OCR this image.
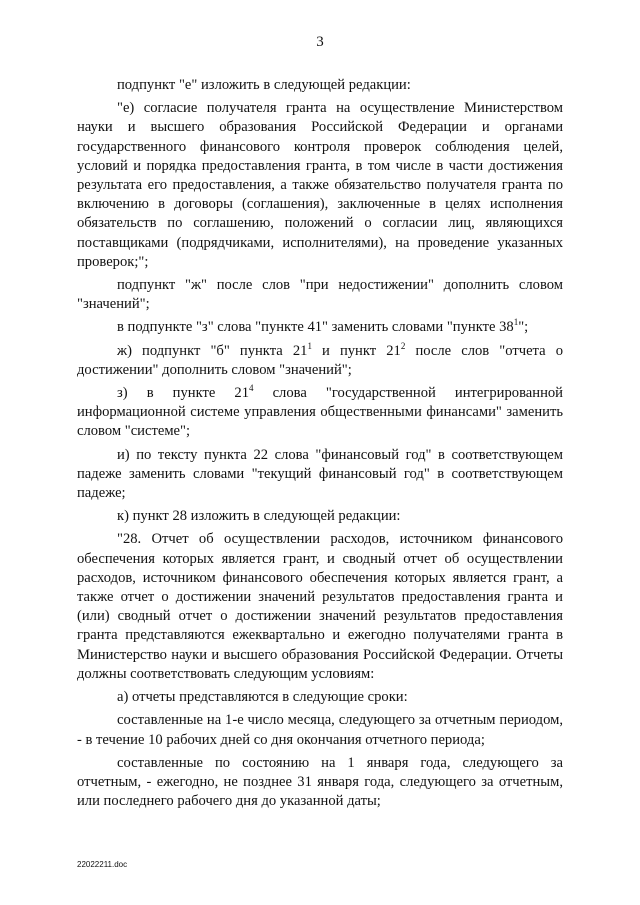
3

подпункт "е" изложить в следующей редакции:

"е) согласие получателя гранта на осуществление Министерством науки и высшего образования Российской Федерации и органами государственного финансового контроля проверок соблюдения целей, условий и порядка предоставления гранта, в том числе в части достижения результата его предоставления, а также обязательство получателя гранта по включению в договоры (соглашения), заключенные в целях исполнения обязательств по соглашению, положений о согласии лиц, являющихся поставщиками (подрядчиками, исполнителями), на проведение указанных проверок;";

подпункт "ж" после слов "при недостижении" дополнить словом "значений";

в подпункте "з" слова "пункте 41" заменить словами "пункте $38^1$";

ж) подпункт "б" пункта $21^1$ и пункт $21^2$ после слов "отчета о достижении" дополнить словом "значений";

з) в пункте $21^4$ слова "государственной интегрированной информационной системе управления общественными финансами" заменить словом "системе";

и) по тексту пункта 22 слова "финансовый год" в соответствующем падеже заменить словами "текущий финансовый год" в соответствующем падеже;

к) пункт 28 изложить в следующей редакции:

"28. Отчет об осуществлении расходов, источником финансового обеспечения которых является грант, и сводный отчет об осуществлении расходов, источником финансового обеспечения которых является грант, а также отчет о достижении значений результатов предоставления гранта и (или) сводный отчет о достижении значений результатов предоставления гранта представляются ежеквартально и ежегодно получателями гранта в Министерство науки и высшего образования Российской Федерации. Отчеты должны соответствовать следующим условиям:

а) отчеты представляются в следующие сроки:

составленные на 1-е число месяца, следующего за отчетным периодом, - в течение 10 рабочих дней со дня окончания отчетного периода;

составленные по состоянию на 1 января года, следующего за отчетным, - ежегодно, не позднее 31 января года, следующего за отчетным, или последнего рабочего дня до указанной даты;

22022211.doc
